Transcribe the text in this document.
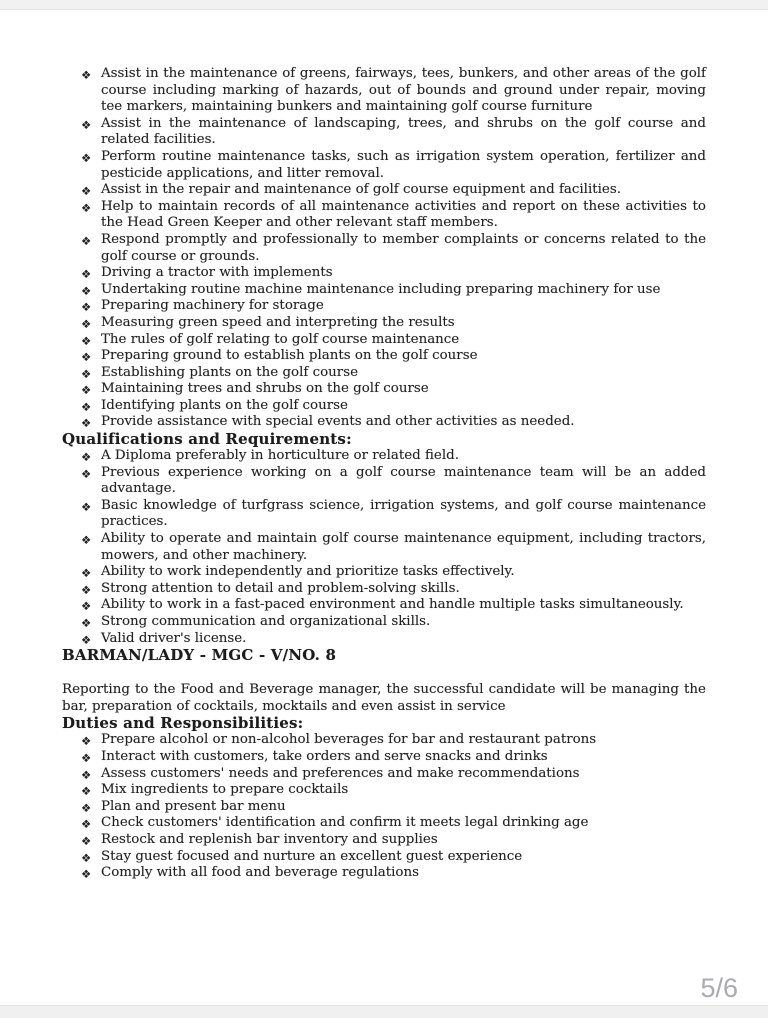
❖ Assist in the maintenance of greens, fairways, tees, bunkers, and other areas of the golf course including marking of hazards, out of bounds and ground under repair, moving tee markers, maintaining bunkers and maintaining golf course furniture
❖ Assist in the maintenance of landscaping, trees, and shrubs on the golf course and related facilities.
❖ Perform routine maintenance tasks, such as irrigation system operation, fertilizer and pesticide applications, and litter removal.
❖ Assist in the repair and maintenance of golf course equipment and facilities.
❖ Help to maintain records of all maintenance activities and report on these activities to the Head Green Keeper and other relevant staff members.
❖ Respond promptly and professionally to member complaints or concerns related to the golf course or grounds.
❖ Driving a tractor with implements
❖ Undertaking routine machine maintenance including preparing machinery for use
❖ Preparing machinery for storage
❖ Measuring green speed and interpreting the results
❖ The rules of golf relating to golf course maintenance
❖ Preparing ground to establish plants on the golf course
❖ Establishing plants on the golf course
❖ Maintaining trees and shrubs on the golf course
❖ Identifying plants on the golf course
❖ Provide assistance with special events and other activities as needed.
Qualifications and Requirements:
❖ A Diploma preferably in horticulture or related field.
❖ Previous experience working on a golf course maintenance team will be an added advantage.
❖ Basic knowledge of turfgrass science, irrigation systems, and golf course maintenance practices.
❖ Ability to operate and maintain golf course maintenance equipment, including tractors, mowers, and other machinery.
❖ Ability to work independently and prioritize tasks effectively.
❖ Strong attention to detail and problem-solving skills.
❖ Ability to work in a fast-paced environment and handle multiple tasks simultaneously.
❖ Strong communication and organizational skills.
❖ Valid driver's license.
BARMAN/LADY - MGC - V/NO. 8

Reporting to the Food and Beverage manager, the successful candidate will be managing the bar, preparation of cocktails, mocktails and even assist in service

Duties and Responsibilities:
❖ Prepare alcohol or non-alcohol beverages for bar and restaurant patrons
❖ Interact with customers, take orders and serve snacks and drinks
❖ Assess customers' needs and preferences and make recommendations
❖ Mix ingredients to prepare cocktails
❖ Plan and present bar menu
❖ Check customers' identification and confirm it meets legal drinking age
❖ Restock and replenish bar inventory and supplies
❖ Stay guest focused and nurture an excellent guest experience
❖ Comply with all food and beverage regulations
5/6
